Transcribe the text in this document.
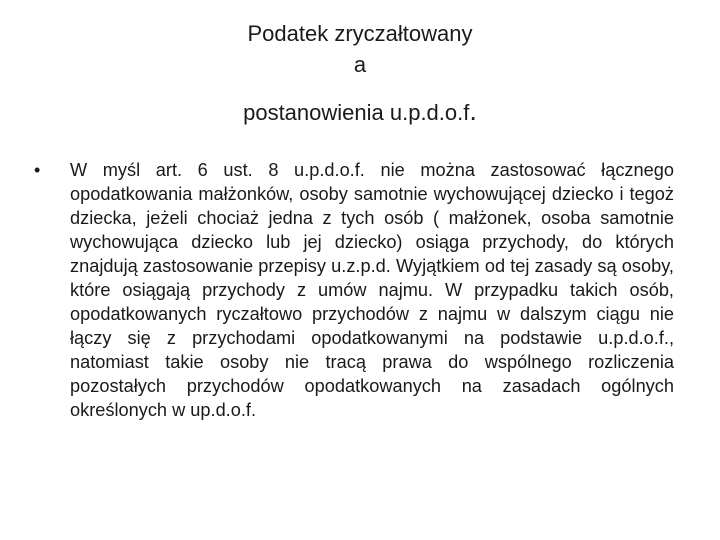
Podatek zryczałtowany
a
postanowienia u.p.d.o.f.
•	W myśl art. 6 ust. 8 u.p.d.o.f. nie można zastosować łącznego opodatkowania małżonków, osoby samotnie wychowującej dziecko i tegoż dziecka, jeżeli chociaż jedna z tych osób ( małżonek, osoba samotnie wychowująca dziecko lub jej dziecko) osiąga przychody, do których znajdują zastosowanie przepisy u.z.p.d. Wyjątkiem od tej zasady są osoby, które osiągają przychody z umów najmu. W przypadku takich osób, opodatkowanych ryczałtowo przychodów z najmu w dalszym ciągu nie łączy się z przychodami opodatkowanymi na podstawie u.p.d.o.f., natomiast takie osoby nie tracą prawa do wspólnego rozliczenia pozostałych przychodów opodatkowanych na zasadach ogólnych określonych w up.d.o.f.
